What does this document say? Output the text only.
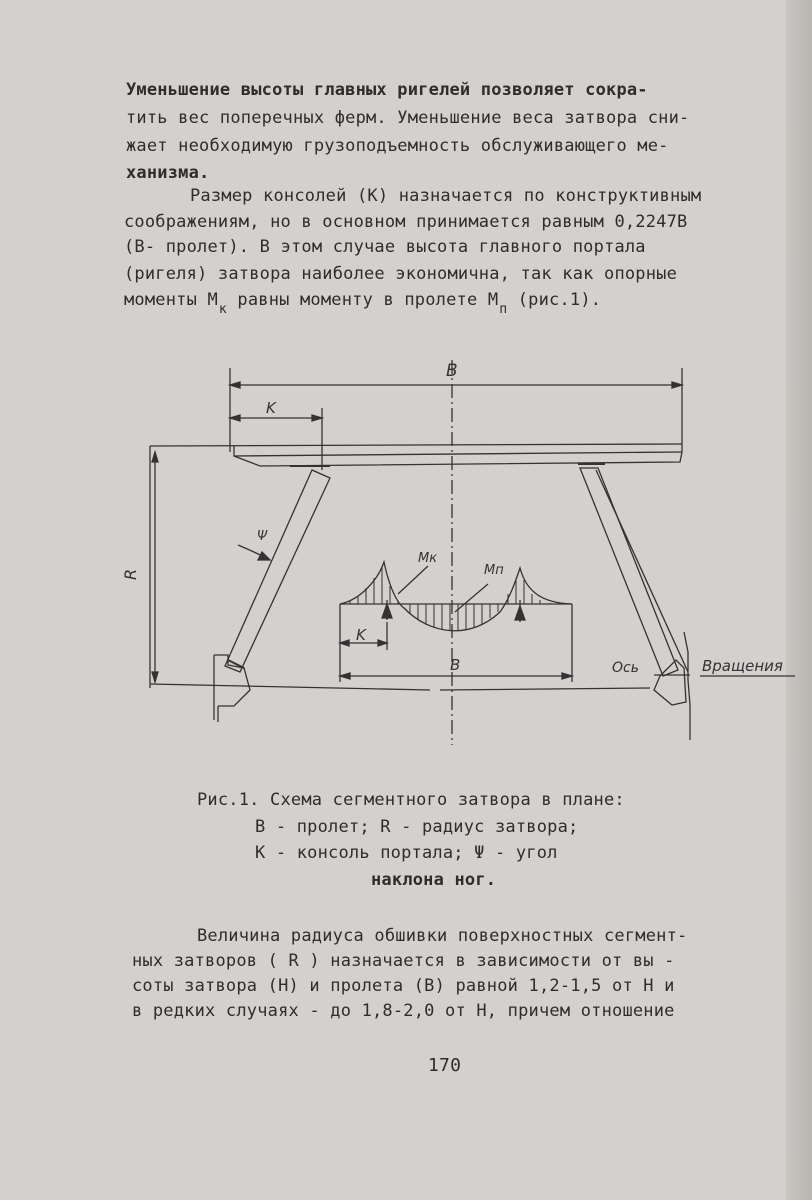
Уменьшение высоты главных ригелей позволяет сокра-
тить вес поперечных ферм. Уменьшение веса затвора сни-
жает необходимую грузоподъемность обслуживающего ме-
ханизма.
Размер консолей (К) назначается по конструктивным
соображениям, но в основном принимается равным 0,2247В
(В- пролет). В этом случае высота главного портала
(ригеля) затвора наиболее экономична, так как опорные
моменты $М_к$ равны моменту в пролете $М_п$ (рис.1).
B
K
Ψ
R
Mк
Mп
K
B	Ось	Вращения
Рис.1. Схема сегментного затвора в плане:
В - пролет; R - радиус затвора;
К - консоль портала; Ψ - угол
наклона ног.
Величина радиуса обшивки поверхностных сегмент-
ных затворов ( R ) назначается в зависимости от вы -
соты затвора (Н) и пролета (В) равной 1,2-1,5 от Н и
в редких случаях - до 1,8-2,0 от Н, причем отношение
170
